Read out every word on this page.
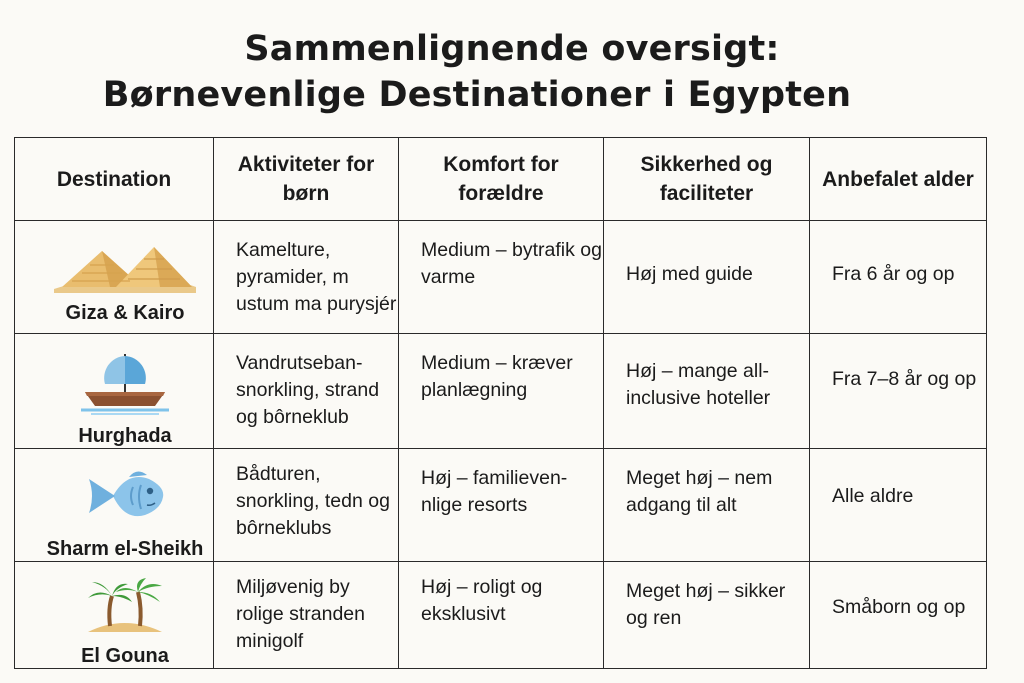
Sammenlignende oversigt:
Børnevenlige Destinationer i Egypten
Destination	Aktiviteter for børn	Komfort for forældre	Sikkerhed og faciliteter	Anbefalet alder

Giza & Kairo	Kamelture, pyramider, m ustum ma purysjér	Medium – bytrafik og varme	Høj med guide	Fra 6 år og op

Hurghada	Vandrutseban- snorkling, strand og bôrneklub	Medium – kræver planlægning	Høj – mange all-inclusive hoteller	Fra 7–8 år og op

Sharm el-Sheikh	Bådturen, snorkling, tedn og bôrneklubs	Høj – familieven- nlige resorts	Meget høj – nem adgang til alt	Alle aldre

El Gouna	Miljøvenig by rolige stranden minigolf	Høj – roligt og eksklusivt	Meget høj – sikker og ren	Småborn og op
